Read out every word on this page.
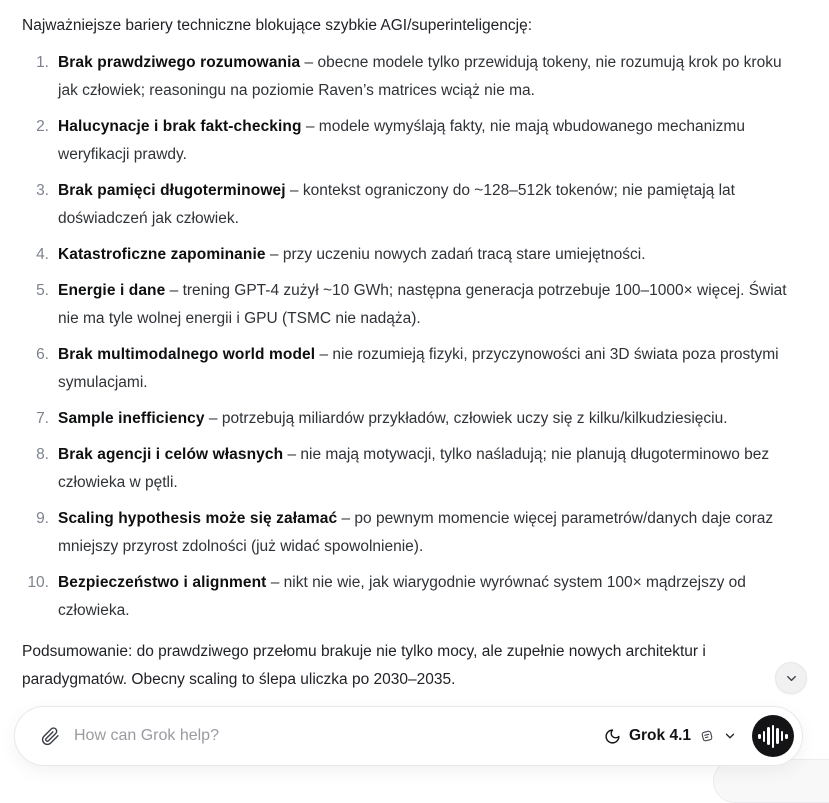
Najważniejsze bariery techniczne blokujące szybkie AGI/superinteligencję:

1. Brak prawdziwego rozumowania – obecne modele tylko przewidują tokeny, nie rozumują krok po kroku jak człowiek; reasoningu na poziomie Raven’s matrices wciąż nie ma.

2. Halucynacje i brak fakt-checking – modele wymyślają fakty, nie mają wbudowanego mechanizmu weryfikacji prawdy.

3. Brak pamięci długoterminowej – kontekst ograniczony do ~128–512k tokenów; nie pamiętają lat doświadczeń jak człowiek.

4. Katastroficzne zapominanie – przy uczeniu nowych zadań tracą stare umiejętności.

5. Energie i dane – trening GPT-4 zużył ~10 GWh; następna generacja potrzebuje 100–1000× więcej. Świat nie ma tyle wolnej energii i GPU (TSMC nie nadąża).

6. Brak multimodalnego world model – nie rozumieją fizyki, przyczynowości ani 3D świata poza prostymi symulacjami.

7. Sample inefficiency – potrzebują miliardów przykładów, człowiek uczy się z kilku/kilkudziesięciu.

8. Brak agencji i celów własnych – nie mają motywacji, tylko naśladują; nie planują długoterminowo bez człowieka w pętli.

9. Scaling hypothesis może się załamać – po pewnym momencie więcej parametrów/danych daje coraz mniejszy przyrost zdolności (już widać spowolnienie).

10. Bezpieczeństwo i alignment – nikt nie wie, jak wiarygodnie wyrównać system 100× mądrzejszy od człowieka.

Podsumowanie: do prawdziwego przełomu brakuje nie tylko mocy, ale zupełnie nowych architektur i paradygmatów. Obecny scaling to ślepa uliczka po 2030–2035.

How can Grok help?
Grok 4.1
